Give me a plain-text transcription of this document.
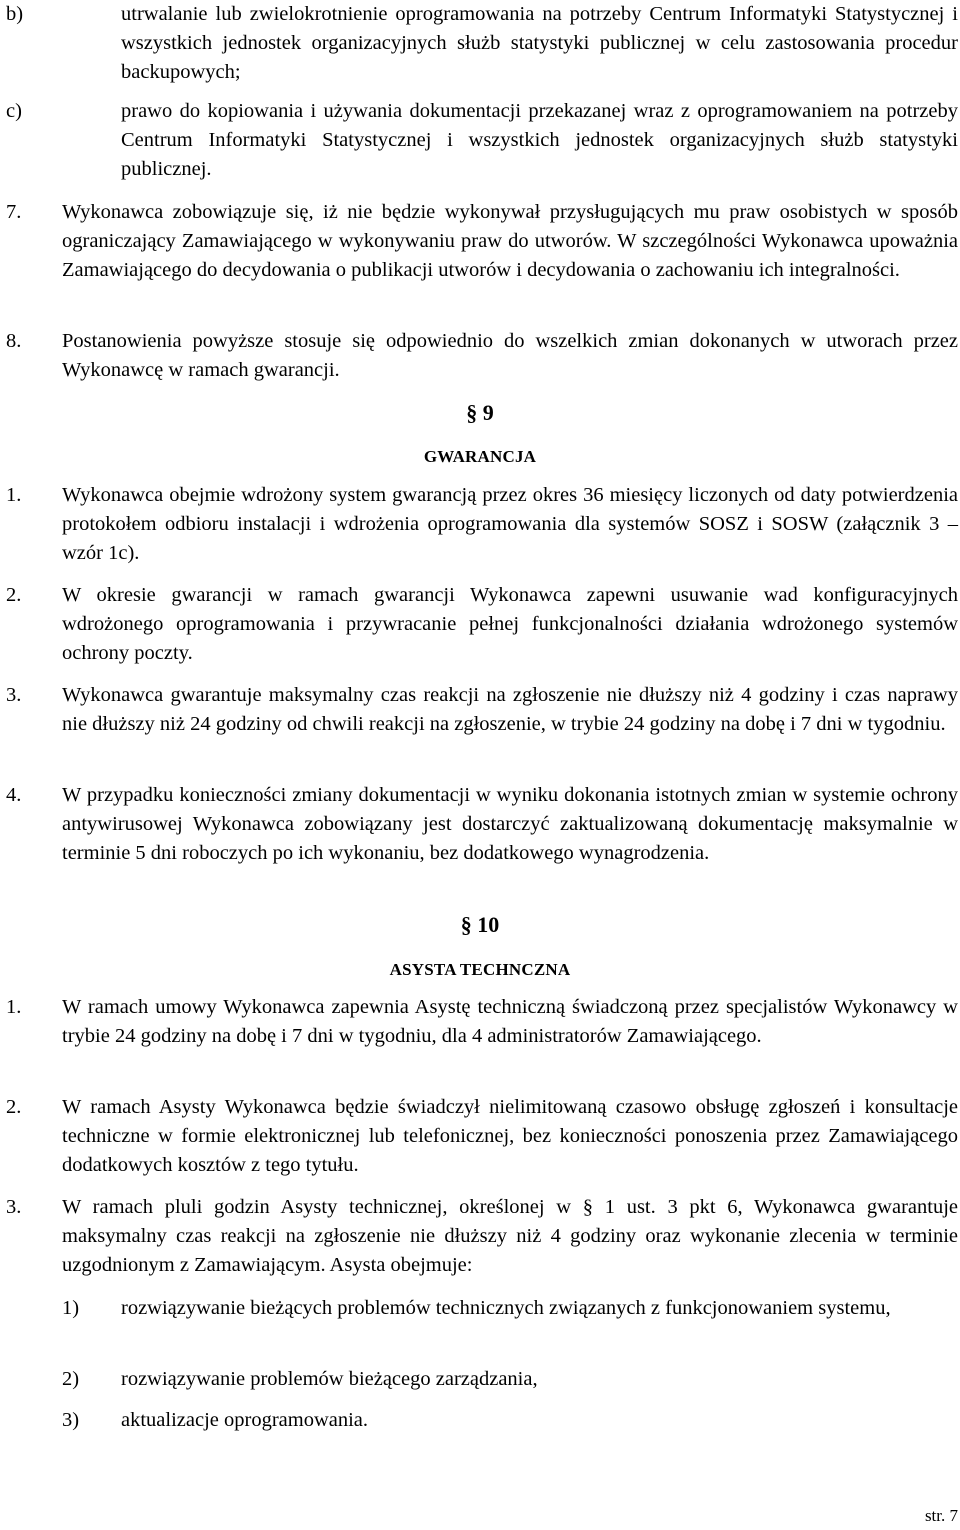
b)	utrwalanie lub zwielokrotnienie oprogramowania na potrzeby Centrum Informatyki Statystycznej i wszystkich jednostek organizacyjnych służb statystyki publicznej w celu zastosowania procedur backupowych;
c)	prawo do kopiowania i używania dokumentacji przekazanej wraz z oprogramowaniem na potrzeby Centrum Informatyki Statystycznej i wszystkich jednostek organizacyjnych służb statystyki publicznej.
7. Wykonawca zobowiązuje się, iż nie będzie wykonywał przysługujących mu praw osobistych w sposób ograniczający Zamawiającego w wykonywaniu praw do utworów. W szczególności Wykonawca upoważnia Zamawiającego do decydowania o publikacji utworów i decydowania o zachowaniu ich integralności.
8. Postanowienia powyższe stosuje się odpowiednio do wszelkich zmian dokonanych w utworach przez Wykonawcę w ramach gwarancji.
§ 9
GWARANCJA
1. Wykonawca obejmie wdrożony system gwarancją przez okres 36 miesięcy liczonych od daty potwierdzenia protokołem odbioru instalacji i wdrożenia oprogramowania dla systemów SOSZ i SOSW (załącznik 3 – wzór 1c).
2. W okresie gwarancji w ramach gwarancji Wykonawca zapewni usuwanie wad konfiguracyjnych wdrożonego oprogramowania i przywracanie pełnej funkcjonalności działania wdrożonego systemów ochrony poczty.
3. Wykonawca gwarantuje maksymalny czas reakcji na zgłoszenie nie dłuższy niż 4 godziny i czas naprawy nie dłuższy niż 24 godziny od chwili reakcji na zgłoszenie, w trybie 24 godziny na dobę i 7 dni w tygodniu.
4. W przypadku konieczności zmiany dokumentacji w wyniku dokonania istotnych zmian w systemie ochrony antywirusowej Wykonawca zobowiązany jest dostarczyć zaktualizowaną dokumentację maksymalnie w terminie 5 dni roboczych po ich wykonaniu, bez dodatkowego wynagrodzenia.
§ 10
ASYSTA TECHNCZNA
1. W ramach umowy Wykonawca zapewnia Asystę techniczną świadczoną przez specjalistów Wykonawcy w trybie 24 godziny na dobę i 7 dni w tygodniu, dla 4 administratorów Zamawiającego.
2. W ramach Asysty Wykonawca będzie świadczył nielimitowaną czasowo obsługę zgłoszeń i konsultacje techniczne w formie elektronicznej lub telefonicznej, bez konieczności ponoszenia przez Zamawiającego dodatkowych kosztów z tego tytułu.
3. W ramach pluli godzin Asysty technicznej, określonej w § 1 ust. 3 pkt 6, Wykonawca gwarantuje maksymalny czas reakcji na zgłoszenie nie dłuższy niż 4 godziny oraz wykonanie zlecenia w terminie uzgodnionym z Zamawiającym. Asysta obejmuje:
1) rozwiązywanie bieżących problemów technicznych związanych z funkcjonowaniem systemu,
2) rozwiązywanie problemów bieżącego zarządzania,
3) aktualizacje oprogramowania.
str. 7
